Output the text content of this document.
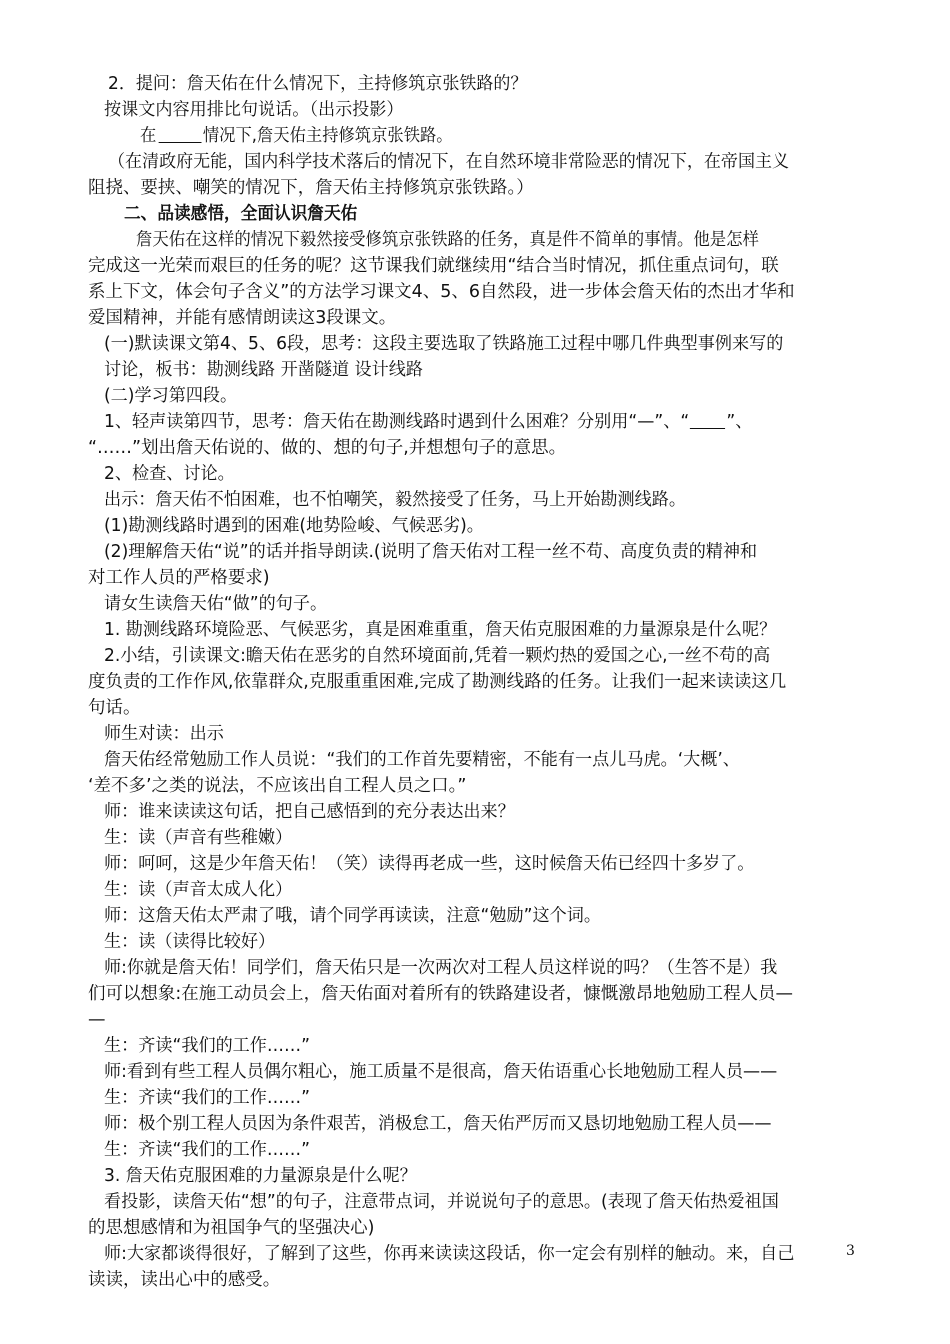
2．提问：詹天佑在什么情况下，主持修筑京张铁路的？
按课文内容用排比句说话。（出示投影）
在	情况下,詹天佑主持修筑京张铁路。
（在清政府无能，国内科学技术落后的情况下，在自然环境非常险恶的情况下，在帝国主义
阻挠、要挟、嘲笑的情况下，詹天佑主持修筑京张铁路。）
二、品读感悟，全面认识詹天佑
詹天佑在这样的情况下毅然接受修筑京张铁路的任务，真是件不简单的事情。他是怎样
完成这一光荣而艰巨的任务的呢？这节课我们就继续用“结合当时情况，抓住重点词句，联
系上下文，体会句子含义”的方法学习课文4、5、6自然段，进一步体会詹天佑的杰出才华和
爱国精神，并能有感情朗读这3段课文。
(一)默读课文第4、5、6段，思考：这段主要选取了铁路施工过程中哪几件典型事例来写的
讨论，板书：勘测线路 开凿隧道 设计线路
(二)学习第四段。
1、轻声读第四节，思考：詹天佑在勘测线路时遇到什么困难？分别用“—”、“ ”、
“……”划出詹天佑说的、做的、想的句子,并想想句子的意思。
2、检查、讨论。
出示：詹天佑不怕困难，也不怕嘲笑，毅然接受了任务，马上开始勘测线路。
(1)勘测线路时遇到的困难(地势险峻、气候恶劣)。
(2)理解詹天佑“说”的话并指导朗读.(说明了詹天佑对工程一丝不苟、高度负责的精神和
对工作人员的严格要求)
请女生读詹天佑“做”的句子。
1. 勘测线路环境险恶、气候恶劣，真是困难重重，詹天佑克服困难的力量源泉是什么呢？
2.小结，引读课文:瞻天佑在恶劣的自然环境面前,凭着一颗灼热的爱国之心,一丝不苟的高
度负责的工作作风,依靠群众,克服重重困难,完成了勘测线路的任务。让我们一起来读读这几
句话。
师生对读：出示
詹天佑经常勉励工作人员说：“我们的工作首先要精密，不能有一点儿马虎。‘大概’、
‘差不多’之类的说法，不应该出自工程人员之口。”
师：谁来读读这句话，把自己感悟到的充分表达出来？
生：读（声音有些稚嫩）
师：呵呵，这是少年詹天佑！（笑）读得再老成一些，这时候詹天佑已经四十多岁了。
生：读（声音太成人化）
师：这詹天佑太严肃了哦，请个同学再读读，注意“勉励”这个词。
生：读（读得比较好）
师:你就是詹天佑！同学们，詹天佑只是一次两次对工程人员这样说的吗？（生答不是）我
们可以想象:在施工动员会上，詹天佑面对着所有的铁路建设者，慷慨激昂地勉励工程人员—
—
生：齐读“我们的工作……”
师:看到有些工程人员偶尔粗心，施工质量不是很高，詹天佑语重心长地勉励工程人员——
生：齐读“我们的工作……”
师：极个别工程人员因为条件艰苦，消极怠工，詹天佑严厉而又恳切地勉励工程人员——
生：齐读“我们的工作……”
3. 詹天佑克服困难的力量源泉是什么呢？
看投影，读詹天佑“想”的句子，注意带点词，并说说句子的意思。(表现了詹天佑热爱祖国
的思想感情和为祖国争气的坚强决心)
师:大家都谈得很好，了解到了这些，你再来读读这段话，你一定会有别样的触动。来，自己
读读，读出心中的感受。
3
